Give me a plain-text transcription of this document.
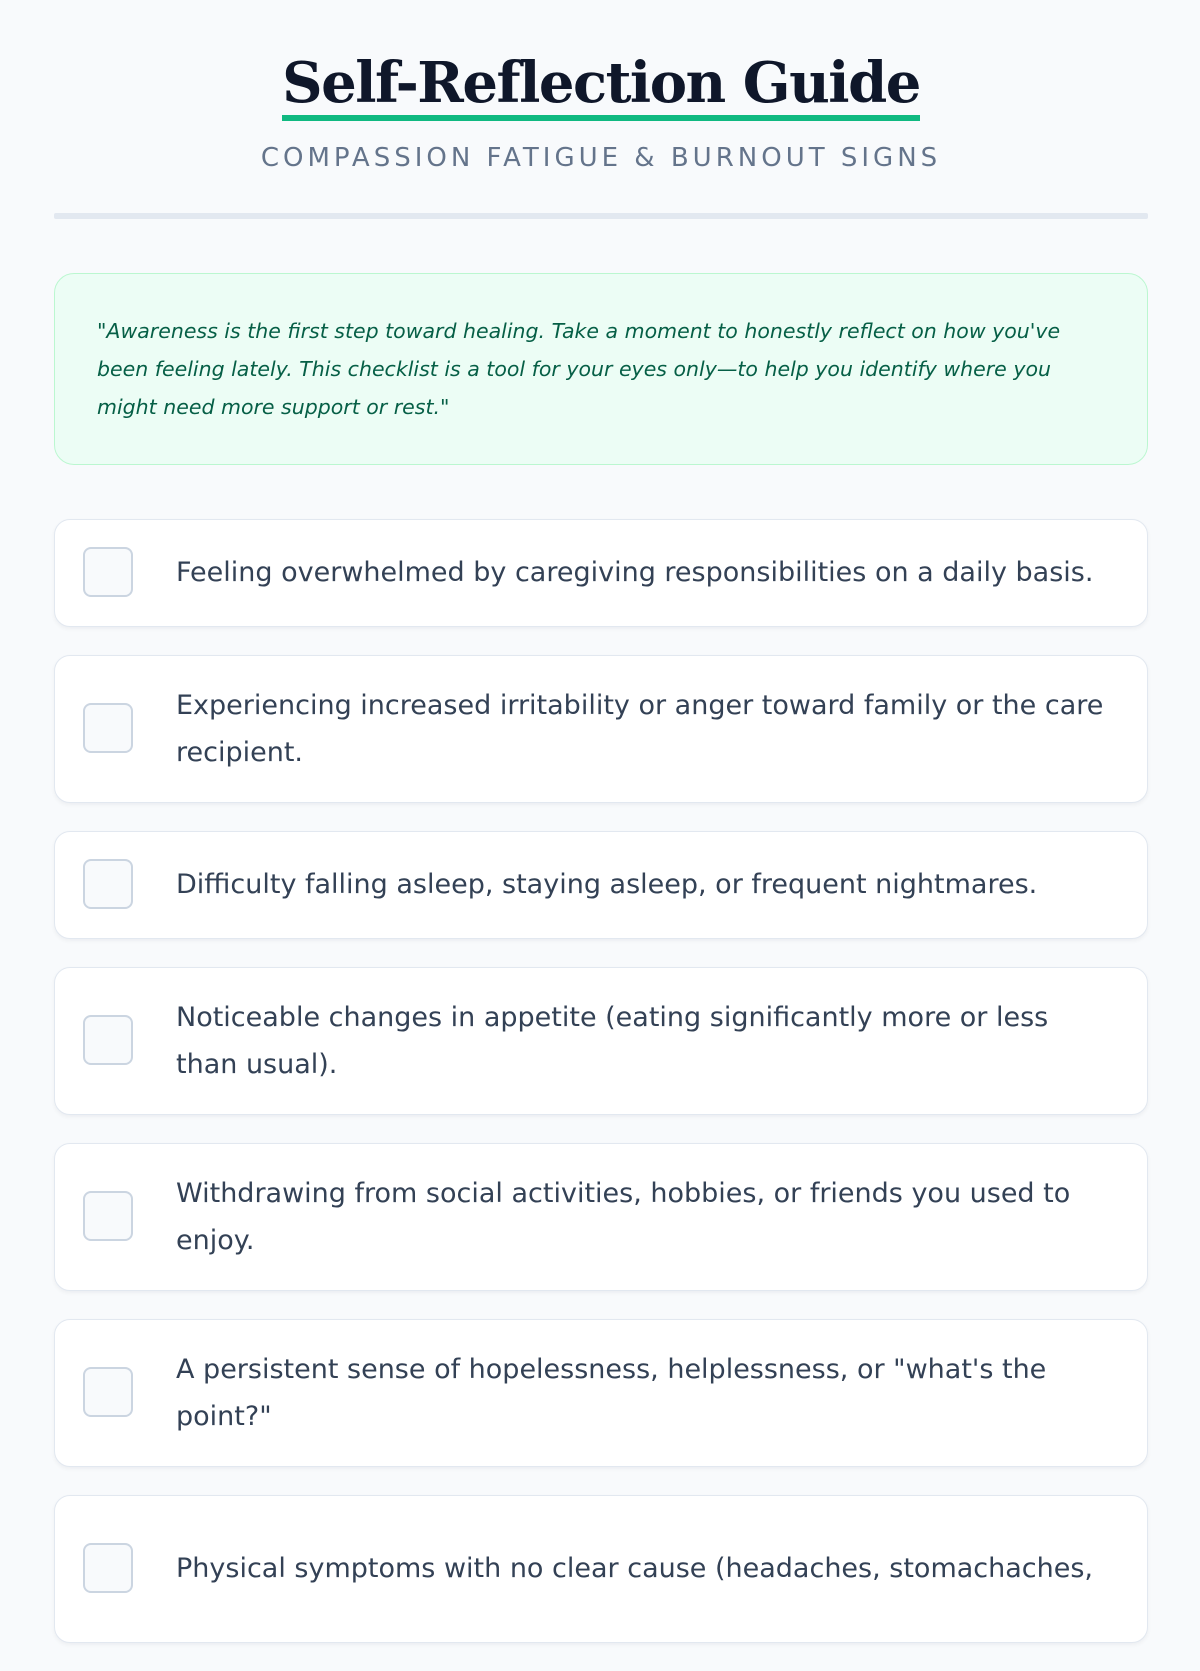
Self-Reflection Guide
COMPASSION FATIGUE & BURNOUT SIGNS

"Awareness is the first step toward healing. Take a moment to honestly reflect on how you've been feeling lately. This checklist is a tool for your eyes only—to help you identify where you might need more support or rest."

Feeling overwhelmed by caregiving responsibilities on a daily basis.
Experiencing increased irritability or anger toward family or the care recipient.
Difficulty falling asleep, staying asleep, or frequent nightmares.
Noticeable changes in appetite (eating significantly more or less than usual).
Withdrawing from social activities, hobbies, or friends you used to enjoy.
A persistent sense of hopelessness, helplessness, or "what's the point?"
Physical symptoms with no clear cause (headaches, stomachaches,
